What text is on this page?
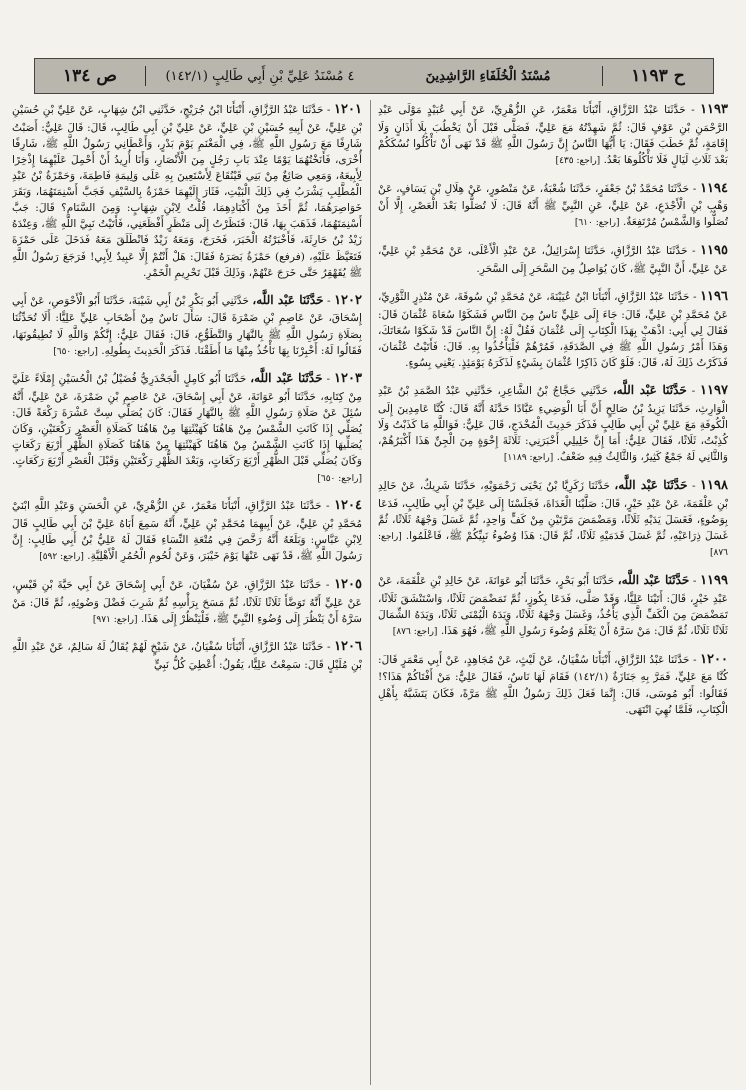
ح ١١٩٣
مُسْنَدُ الْخُلَفَاءِ الرَّاشِدِينَ
٤ مُسْنَدُ عَلِيِّ بْنِ أَبِي طَالِبٍ (١٤٢/١)
ص ١٣٤
١١٩٣ - حَدَّثَنَا عَبْدُ الرَّزَّاقِ، أَنْبَأَنَا مَعْمَرٌ، عَنِ الزُّهْرِيِّ، عَنْ أَبِي عُبَيْدٍ مَوْلَى عَبْدِ الرَّحْمَنِ بْنِ عَوْفٍ قَالَ: ثُمَّ شَهِدْتُهُ مَعَ عَلِيٍّ، فَصَلَّى قَبْلَ أَنْ يَخْطُبَ بِلَا أَذَانٍ وَلَا إِقَامَةٍ، ثُمَّ خَطَبَ فَقَالَ: يَا أَيُّهَا النَّاسُ إِنَّ رَسُولَ اللَّهِ ﷺ قَدْ نَهَى أَنْ تَأْكُلُوا نُسُكَكُمْ بَعْدَ ثَلَاثِ لَيَالٍ فَلَا تَأْكُلُوهَا بَعْدُ. [راجع: ٤٣٥]
١١٩٤ - حَدَّثَنَا مُحَمَّدُ بْنُ جَعْفَرٍ، حَدَّثَنَا شُعْبَةُ، عَنْ مَنْصُورٍ، عَنْ هِلَالِ بْنِ يَسَافٍ، عَنْ وَهْبِ بْنِ الْأَجْدَعِ، عَنْ عَلِيٍّ، عَنِ النَّبِيِّ ﷺ أَنَّهُ قَالَ: لَا تُصَلُّوا بَعْدَ الْعَصْرِ، إِلَّا أَنْ تُصَلُّوا وَالشَّمْسُ مُرْتَفِعَةٌ. [راجع: ٦١٠]
١١٩٥ - حَدَّثَنَا عَبْدُ الرَّزَّاقِ، حَدَّثَنَا إِسْرَائِيلُ، عَنْ عَبْدِ الْأَعْلَى، عَنْ مُحَمَّدِ بْنِ عَلِيٍّ، عَنْ عَلِيٍّ، أَنَّ النَّبِيَّ ﷺ، كَانَ يُوَاصِلُ مِنَ السَّحَرِ إِلَى السَّحَرِ.
١١٩٦ - حَدَّثَنَا عَبْدُ الرَّزَّاقِ، أَنْبَأَنَا ابْنُ عُيَيْنَةَ، عَنْ مُحَمَّدِ بْنِ سُوقَةَ، عَنْ مُنْذِرٍ الثَّوْرِيِّ، عَنْ مُحَمَّدِ بْنِ عَلِيٍّ، قَالَ: جَاءَ إِلَى عَلِيٍّ نَاسٌ مِنَ النَّاسِ فَشَكَوْا سُعَاةَ عُثْمَانَ قَالَ: فَقَالَ لِي أَبِي: اذْهَبْ بِهَذَا الْكِتَابِ إِلَى عُثْمَانَ فَقُلْ لَهُ: إِنَّ النَّاسَ قَدْ شَكَوْا سُعَاتَكَ، وَهَذَا أَمْرُ رَسُولِ اللَّهِ ﷺ فِي الصَّدَقَةِ، فَمُرْهُمْ فَلْيَأْخُذُوا بِهِ. قَالَ: فَأَتَيْتُ عُثْمَانَ، فَذَكَرْتُ ذَلِكَ لَهُ، قَالَ: فَلَوْ كَانَ ذَاكِرًا عُثْمَانَ بِشَيْءٍ لَذَكَرَهُ يَوْمَئِذٍ. يَعْنِي بِسُوءٍ.
١١٩٧ - حَدَّثَنَا عَبْد اللَّه، حَدَّثَنِي حَجَّاجُ بْنُ الشَّاعِرِ، حَدَّثَنِي عَبْدُ الصَّمَدِ بْنُ عَبْدِ الْوَارِثِ، حَدَّثَنَا يَزِيدُ بْنُ صَالِحٍ أَنَّ أَبَا الْوَضِيءِ عَبَّادًا حَدَّثَهُ أَنَّهُ قَالَ: كُنَّا عَامِدِينَ إِلَى الْكُوفَةِ مَعَ عَلِيِّ بْنِ أَبِي طَالِبٍ فَذَكَرَ حَدِيثَ الْمُخْدَجِ، قَالَ عَلِيٌّ: فَوَاللَّهِ مَا كَذَبْتُ وَلَا كُذِبْتُ، ثَلَاثًا، فَقَالَ عَلِيٌّ: أَمَا إِنَّ خَلِيلِي أَخْبَرَنِي: ثَلَاثَةَ إِخْوَةٍ مِنَ الْجِنِّ هَذَا أَكْبَرُهُمْ، وَالثَّانِي لَهُ جَمْعٌ كَثِيرٌ، وَالثَّالِثُ فِيهِ ضَعْفٌ. [راجع: ١١٨٩]
١١٩٨ - حَدَّثَنَا عَبْد اللَّه، حَدَّثَنَا زَكَرِيَّا بْنُ يَحْيَى زَحْمَوَيْهِ، حَدَّثَنَا شَرِيكٌ، عَنْ خَالِدِ بْنِ عَلْقَمَةَ، عَنْ عَبْدِ خَيْرٍ، قَالَ: صَلَّيْنَا الْغَدَاةَ، فَجَلَسْنَا إِلَى عَلِيِّ بْنِ أَبِي طَالِبٍ، فَدَعَا بِوَضُوءٍ، فَغَسَلَ يَدَيْهِ ثَلَاثًا، وَمَضْمَضَ مَرَّتَيْنِ مِنْ كَفٍّ وَاحِدٍ، ثُمَّ غَسَلَ وَجْهَهُ ثَلَاثًا، ثُمَّ غَسَلَ ذِرَاعَيْهِ، ثُمَّ غَسَلَ قَدَمَيْهِ ثَلَاثًا، ثُمَّ قَالَ: هَذَا وُضُوءُ نَبِيِّكُمْ ﷺ، فَاعْلَمُوا. [راجع: ٨٧٦]
١١٩٩ - حَدَّثَنَا عَبْد اللَّه، حَدَّثَنَا أَبُو بَحْرٍ، حَدَّثَنَا أَبُو عَوَانَةَ، عَنْ خَالِدِ بْنِ عَلْقَمَةَ، عَنْ عَبْدِ خَيْرٍ، قَالَ: أَتَيْنَا عَلِيًّا، وَقَدْ صَلَّى، فَدَعَا بِكُوزٍ، ثُمَّ تَمَضْمَضَ ثَلَاثًا، وَاسْتَنْشَقَ ثَلَاثًا، تَمَضْمَضَ مِنَ الْكَفِّ الَّذِي يَأْخُذُ، وَغَسَلَ وَجْهَهُ ثَلَاثًا، وَيَدَهُ الْيُمْنَى ثَلَاثًا، وَيَدَهُ الشِّمَالَ ثَلَاثًا ثَلَاثًا، ثُمَّ قَالَ: مَنْ سَرَّهُ أَنْ يَعْلَمَ وُضُوءَ رَسُولِ اللَّهِ ﷺ، فَهُوَ هَذَا. [راجع: ٨٧٦]
١٢٠٠ - حَدَّثَنَا عَبْدُ الرَّزَّاقِ، أَنْبَأَنَا سُفْيَانُ، عَنْ لَيْثٍ، عَنْ مُجَاهِدٍ، عَنْ أَبِي مَعْمَرٍ قَالَ: كُنَّا مَعَ عَلِيٍّ، فَمَرَّ بِهِ جَنَازَةٌ (١٤٢/١) فَقَامَ لَهَا نَاسٌ، فَقَالَ عَلِيٌّ: مَنْ أَفْتَاكُمْ هَذَا؟! فَقَالُوا: أَبُو مُوسَى، قَالَ: إِنَّمَا فَعَلَ ذَلِكَ رَسُولُ اللَّهِ ﷺ مَرَّةً، فَكَانَ يَتَشَبَّهُ بِأَهْلِ الْكِتَابِ، فَلَمَّا نُهِيَ انْتَهَى.
١٢٠١ - حَدَّثَنَا عَبْدُ الرَّزَّاقِ، أَنْبَأَنَا ابْنُ جُرَيْجٍ، حَدَّثَنِي ابْنُ شِهَابٍ، عَنْ عَلِيِّ بْنِ حُسَيْنِ بْنِ عَلِيٍّ، عَنْ أَبِيهِ حُسَيْنِ بْنِ عَلِيٍّ، عَنْ عَلِيِّ بْنِ أَبِي طَالِبٍ، قَالَ: قَالَ عَلِيٌّ: أَصَبْتُ شَارِفًا مَعَ رَسُولِ اللَّهِ ﷺ، فِي الْمَغْنَمِ يَوْمَ بَدْرٍ، وَأَعْطَانِي رَسُولُ اللَّهِ ﷺ، شَارِفًا أُخْرَى، فَأَنَخْتُهُمَا يَوْمًا عِنْدَ بَابِ رَجُلٍ مِنَ الْأَنْصَارِ، وَأَنَا أُرِيدُ أَنْ أَحْمِلَ عَلَيْهِمَا إِذْخِرًا لِأَبِيعَهُ، وَمَعِي صَائِغٌ مِنْ بَنِي قَيْنُقَاعَ لِأَسْتَعِينَ بِهِ عَلَى وَلِيمَةِ فَاطِمَةَ، وَحَمْزَةُ بْنُ عَبْدِ الْمُطَّلِبِ يَشْرَبُ فِي ذَلِكَ الْبَيْتِ، فَثَارَ إِلَيْهِمَا حَمْزَةُ بِالسَّيْفِ فَجَبَّ أَسْنِمَتَهُمَا، وَبَقَرَ خَوَاصِرَهُمَا، ثُمَّ أَخَذَ مِنْ أَكْبَادِهِمَا، قُلْتُ لِابْنِ شِهَابٍ: وَمِنَ السَّنَامِ؟ قَالَ: جَبَّ أَسْنِمَتَهُمَا، فَذَهَبَ بِهَا، قَالَ: فَنَظَرْتُ إِلَى مَنْظَرٍ أَفْظَعَنِي، فَأَتَيْتُ نَبِيَّ اللَّهِ ﷺ، وَعِنْدَهُ زَيْدُ بْنُ حَارِثَةَ، فَأَخْبَرْتُهُ الْخَبَرَ، فَخَرَجَ، وَمَعَهُ زَيْدٌ فَانْطَلَقَ مَعَهُ فَدَخَلَ عَلَى حَمْزَةَ فَتَغَيَّظَ عَلَيْهِ، (فرفع) حَمْزَةُ بَصَرَهُ فَقَالَ: هَلْ أَنْتُمْ إِلَّا عَبِيدٌ لِأَبِي! فَرَجَعَ رَسُولُ اللَّهِ ﷺ يُقَهْقِرُ حَتَّى خَرَجَ عَنْهُمْ، وَذَلِكَ قَبْلَ تَحْرِيمِ الْخَمْرِ.
١٢٠٢ - حَدَّثَنَا عَبْد اللَّه، حَدَّثَنِي أَبُو بَكْرِ بْنُ أَبِي شَيْبَةَ، حَدَّثَنَا أَبُو الْأَحْوَصِ، عَنْ أَبِي إِسْحَاقَ، عَنْ عَاصِمِ بْنِ ضَمْرَةَ قَالَ: سَأَلَ نَاسٌ مِنْ أَصْحَابِ عَلِيٍّ عَلِيًّا: أَلَا تُحَدِّثُنَا بِصَلَاةِ رَسُولِ اللَّهِ ﷺ بِالنَّهَارِ وَالتَّطَوُّعِ، قَالَ: فَقَالَ عَلِيٌّ: إِنَّكُمْ وَاللَّهِ لَا تُطِيقُونَهَا، فَقَالُوا لَهُ: أَخْبِرْنَا بِهَا نَأْخُذُ مِنْهَا مَا أَطَقْنَا. فَذَكَرَ الْحَدِيثَ بِطُولِهِ. [راجع: ٦٥٠]
١٢٠٣ - حَدَّثَنَا عَبْد اللَّه، حَدَّثَنَا أَبُو كَامِلٍ الْجَحْدَرِيُّ فُضَيْلُ بْنُ الْحُسَيْنِ إِمْلَاءً عَلَيَّ مِنْ كِتَابِهِ، حَدَّثَنَا أَبُو عَوَانَةَ، عَنْ أَبِي إِسْحَاقَ، عَنْ عَاصِمِ بْنِ ضَمْرَةَ، عَنْ عَلِيٍّ، أَنَّهُ سُئِلَ عَنْ صَلَاةِ رَسُولِ اللَّهِ ﷺ بِالنَّهَارِ فَقَالَ: كَانَ يُصَلِّي سِتَّ عَشْرَةَ رَكْعَةً قَالَ: يُصَلِّي إِذَا كَانَتِ الشَّمْسُ مِنْ هَاهُنَا كَهَيْئَتِهَا مِنْ هَاهُنَا كَصَلَاةِ الْعَصْرِ رَكْعَتَيْنِ، وَكَانَ يُصَلِّيهَا إِذَا كَانَتِ الشَّمْسُ مِنْ هَاهُنَا كَهَيْئَتِهَا مِنْ هَاهُنَا كَصَلَاةِ الظُّهْرِ أَرْبَعَ رَكَعَاتٍ وَكَانَ يُصَلِّي قَبْلَ الظُّهْرِ أَرْبَعَ رَكَعَاتٍ، وَبَعْدَ الظُّهْرِ رَكْعَتَيْنِ وَقَبْلَ الْعَصْرِ أَرْبَعَ رَكَعَاتٍ. [راجع: ٦٥٠]
١٢٠٤ - حَدَّثَنَا عَبْدُ الرَّزَّاقِ، أَنْبَأَنَا مَعْمَرٌ، عَنِ الزُّهْرِيِّ، عَنِ الْحَسَنِ وَعَبْدِ اللَّهِ ابْنَيْ مُحَمَّدِ بْنِ عَلِيٍّ، عَنْ أَبِيهِمَا مُحَمَّدِ بْنِ عَلِيٍّ، أَنَّهُ سَمِعَ أَبَاهُ عَلِيَّ بْنَ أَبِي طَالِبٍ قَالَ لِابْنِ عَبَّاسٍ: وَبَلَغَهُ أَنَّهُ رَخَّصَ فِي مُتْعَةِ النِّسَاءِ فَقَالَ لَهُ عَلِيُّ بْنُ أَبِي طَالِبٍ: إِنَّ رَسُولَ اللَّهِ ﷺ، قَدْ نَهَى عَنْهَا يَوْمَ خَيْبَرَ، وَعَنْ لُحُومِ الْحُمُرِ الْأَهْلِيَّةِ. [راجع: ٥٩٢]
١٢٠٥ - حَدَّثَنَا عَبْدُ الرَّزَّاقِ، عَنْ سُفْيَانَ، عَنْ أَبِي إِسْحَاقَ عَنْ أَبِي حَيَّةَ بْنِ قَيْسٍ، عَنْ عَلِيٍّ أَنَّهُ تَوَضَّأَ ثَلَاثًا ثَلَاثًا، ثُمَّ مَسَحَ بِرَأْسِهِ ثُمَّ شَرِبَ فَضْلَ وَضُوئِهِ، ثُمَّ قَالَ: مَنْ سَرَّهُ أَنْ يَنْظُرَ إِلَى وُضُوءِ النَّبِيِّ ﷺ، فَلْيَنْظُرْ إِلَى هَذَا. [راجع: ٩٧١]
١٢٠٦ - حَدَّثَنَا عَبْدُ الرَّزَّاقِ، أَنْبَأَنَا سُفْيَانُ، عَنْ شَيْخٍ لَهُمْ يُقَالُ لَهُ سَالِمٌ، عَنْ عَبْدِ اللَّهِ بْنِ مُلَيْلٍ قَالَ: سَمِعْتُ عَلِيًّا، يَقُولُ: أُعْطِيَ كُلُّ نَبِيٍّ
